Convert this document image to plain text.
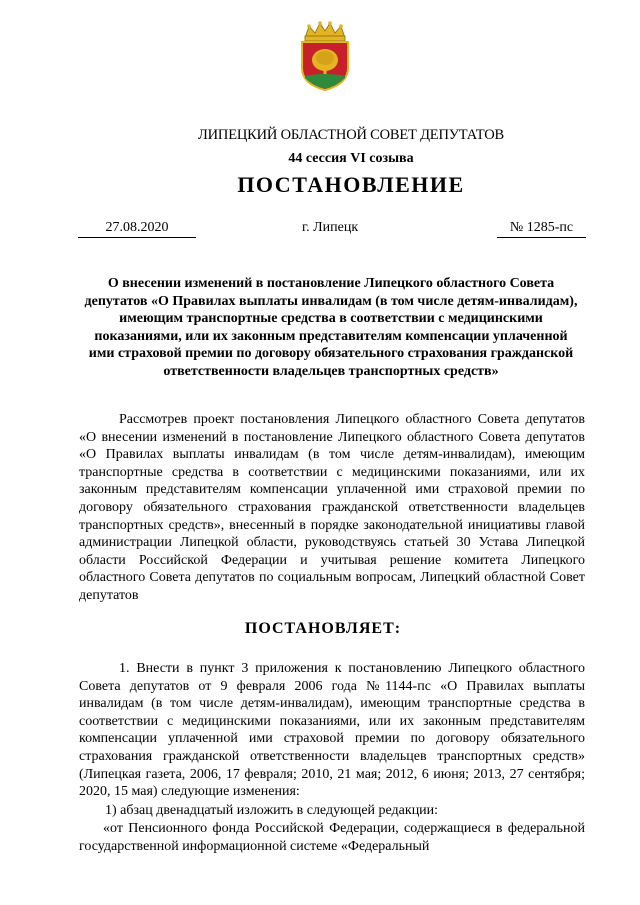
ЛИПЕЦКИЙ ОБЛАСТНОЙ СОВЕТ ДЕПУТАТОВ
44 сессия VI созыва
ПОСТАНОВЛЕНИЕ
27.08.2020	г. Липецк	№ 1285-пс

О внесении изменений в постановление Липецкого областного Совета депутатов «О Правилах выплаты инвалидам (в том числе детям-инвалидам), имеющим транспортные средства в соответствии с медицинскими показаниями, или их законным представителям компенсации уплаченной ими страховой премии по договору обязательного страхования гражданской ответственности владельцев транспортных средств»

Рассмотрев проект постановления Липецкого областного Совета депутатов «О внесении изменений в постановление Липецкого областного Совета депутатов «О Правилах выплаты инвалидам (в том числе детям-инвалидам), имеющим транспортные средства в соответствии с медицинскими показаниями, или их законным представителям компенсации уплаченной ими страховой премии по договору обязательного страхования гражданской ответственности владельцев транспортных средств», внесенный в порядке законодательной инициативы главой администрации Липецкой области, руководствуясь статьей 30 Устава Липецкой области Российской Федерации и учитывая решение комитета Липецкого областного Совета депутатов по социальным вопросам, Липецкий областной Совет депутатов

ПОСТАНОВЛЯЕТ:

1. Внести в пункт 3 приложения к постановлению Липецкого областного Совета депутатов от 9 февраля 2006 года №1144-пс «О Правилах выплаты инвалидам (в том числе детям-инвалидам), имеющим транспортные средства в соответствии с медицинскими показаниями, или их законным представителям компенсации уплаченной ими страховой премии по договору обязательного страхования гражданской ответственности владельцев транспортных средств» (Липецкая газета, 2006, 17 февраля; 2010, 21 мая; 2012, 6 июня; 2013, 27 сентября; 2020, 15 мая) следующие изменения:

1) абзац двенадцатый изложить в следующей редакции:

«от Пенсионного фонда Российской Федерации, содержащиеся в федеральной государственной информационной системе «Федеральный
